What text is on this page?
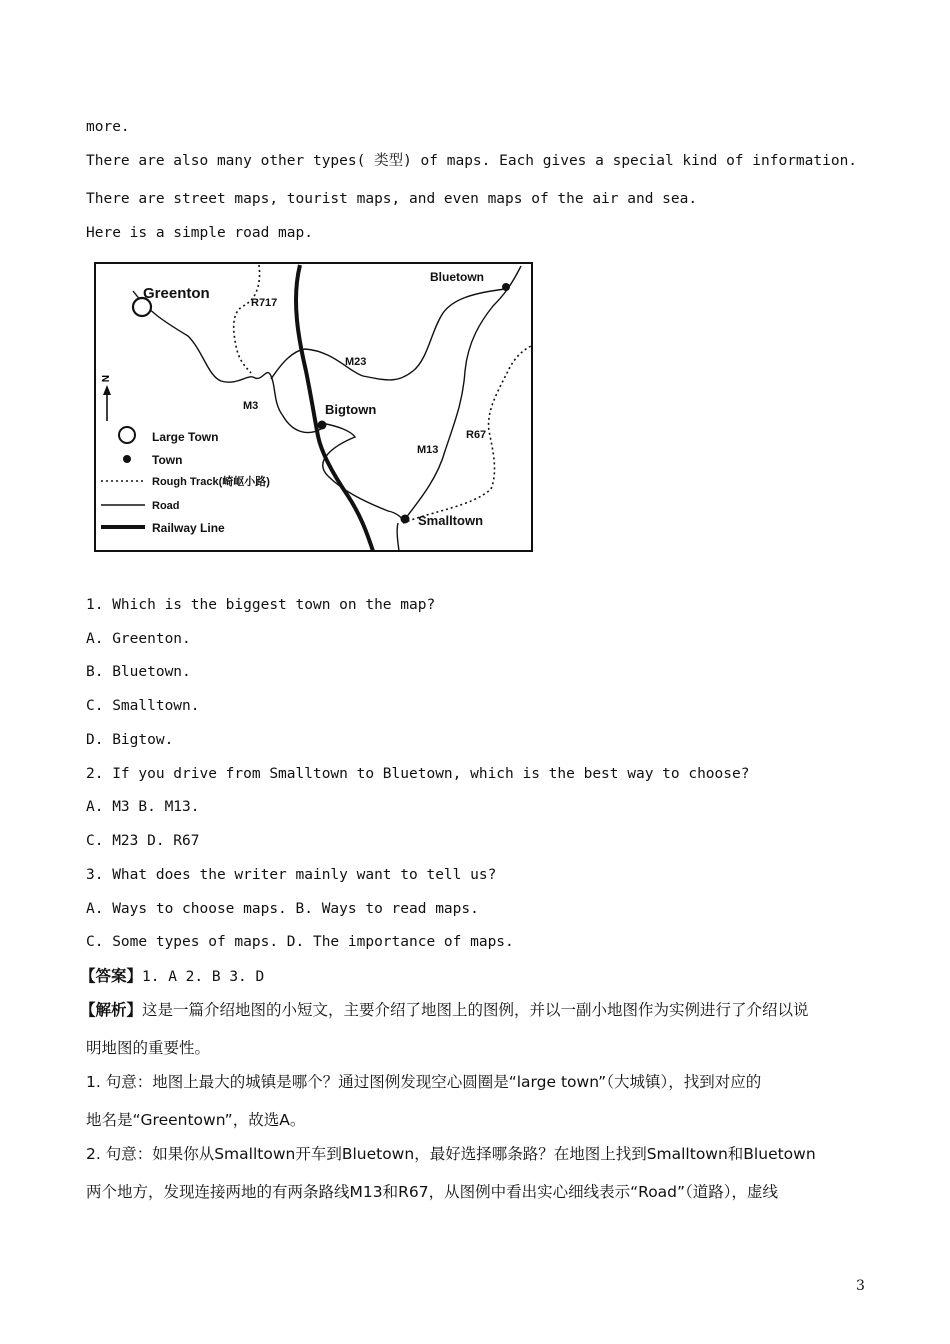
more.
There are also many other types( 类型) of maps. Each gives a special kind of information.
There are street maps, tourist maps, and even maps of the air and sea.
Here is a simple road map.
Greenton
Bluetown
Bigtown
Smalltown
R717
M23
M3
M13
R67
N
Large Town
Town
Rough Track(崎岖小路)
Road
Railway Line
1. Which is the biggest town on the map?
A. Greenton.
B. Bluetown.
C. Smalltown.
D. Bigtow.
2. If you drive from Smalltown to Bluetown, which is the best way to choose?
A. M3 B. M13.
C. M23 D. R67
3. What does the writer mainly want to tell us?
A. Ways to choose maps. B. Ways to read maps.
C. Some types of maps. D. The importance of maps.
【答案】1. A 2. B 3. D
【解析】这是一篇介绍地图的小短文，主要介绍了地图上的图例，并以一副小地图作为实例进行了介绍以说
明地图的重要性。
1. 句意：地图上最大的城镇是哪个？通过图例发现空心圆圈是“large town”（大城镇），找到对应的
地名是“Greentown”，故选A。
2. 句意：如果你从Smalltown开车到Bluetown，最好选择哪条路？在地图上找到Smalltown和Bluetown
两个地方，发现连接两地的有两条路线M13和R67，从图例中看出实心细线表示“Road”（道路），虚线
3
